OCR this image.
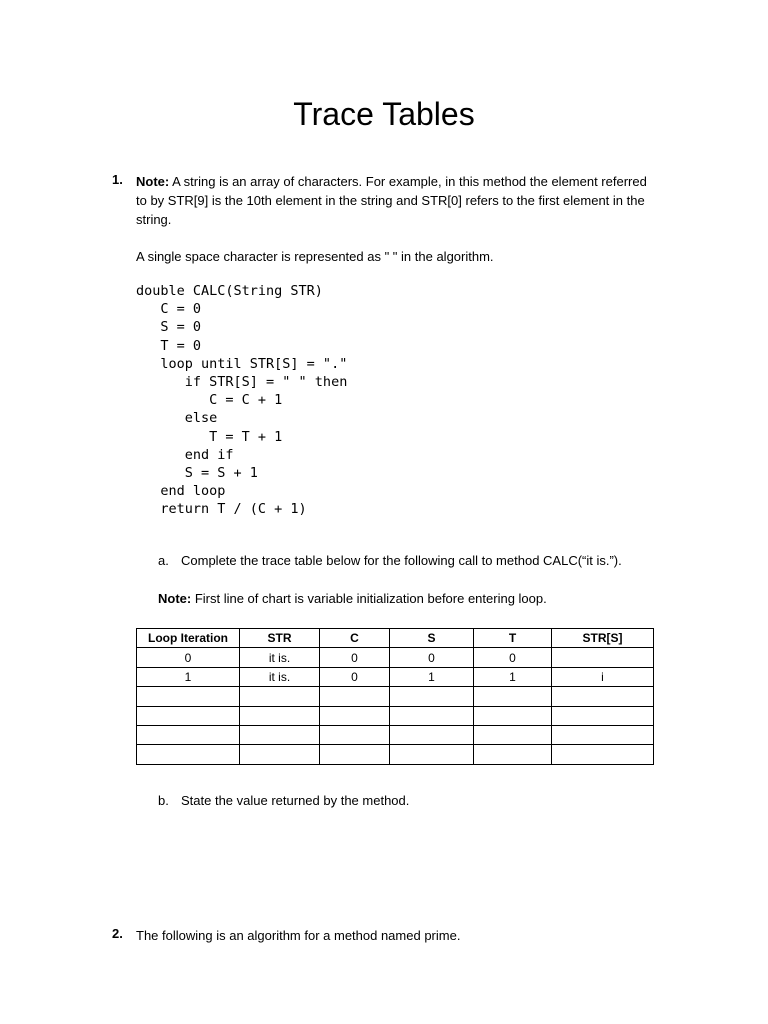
Trace Tables
1. Note: A string is an array of characters. For example, in this method the element referred to by STR[9] is the 10th element in the string and STR[0] refers to the first element in the string.
A single space character is represented as " " in the algorithm.
double CALC(String STR)
C = 0
S = 0
T = 0
loop until STR[S] = "."
if STR[S] = " " then
C = C + 1
else
T = T + 1
end if
S = S + 1
end loop
return T / (C + 1)
a. Complete the trace table below for the following call to method CALC(“it is.”).
Note: First line of chart is variable initialization before entering loop.
Loop Iteration	STR	C	S	T	STR[S]
0	it is.	0	0	0	
1	it is.	0	1	1	i

b. State the value returned by the method.
2. The following is an algorithm for a method named prime.
